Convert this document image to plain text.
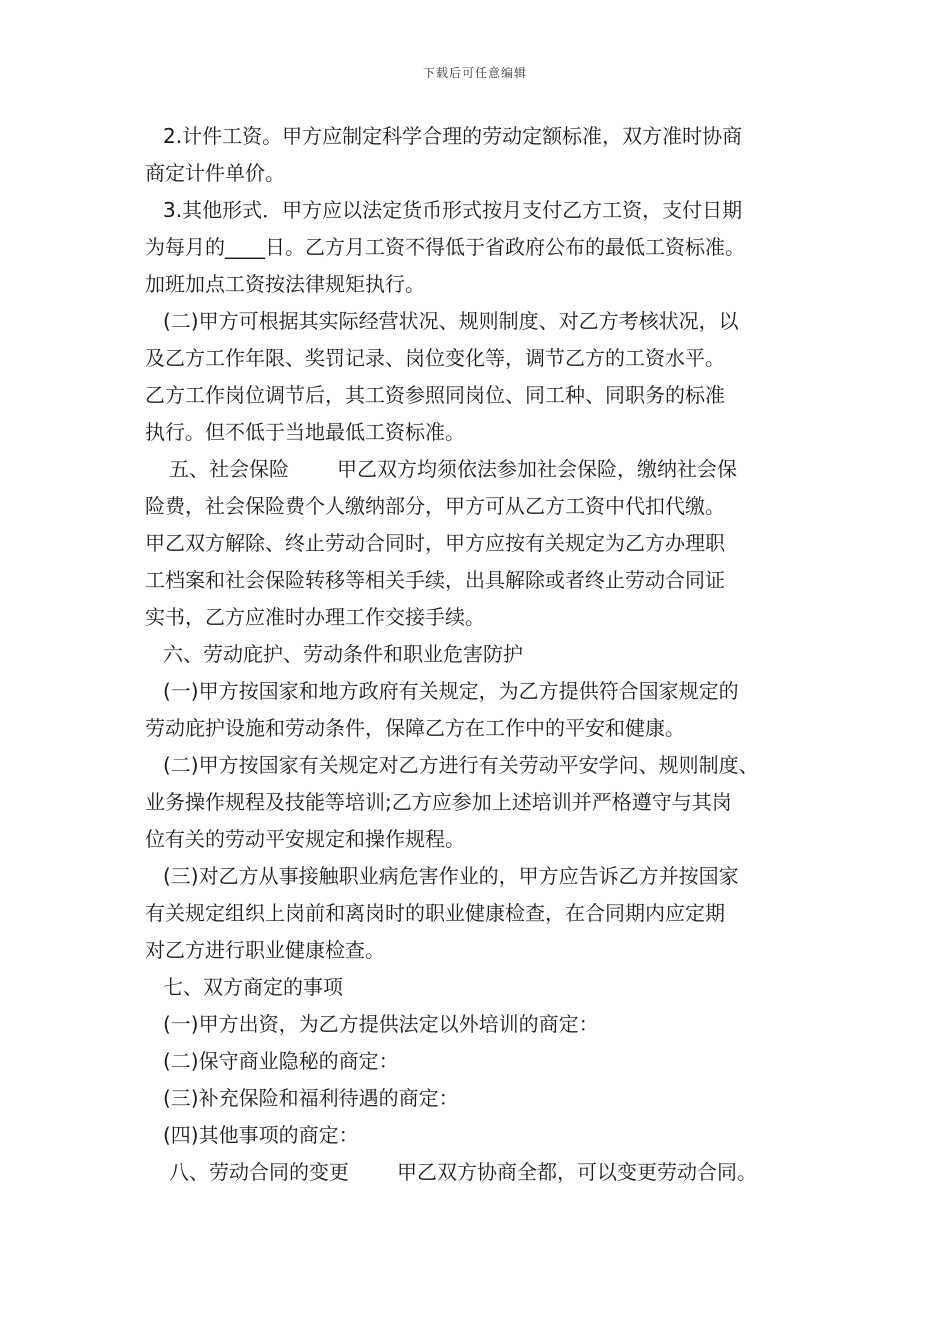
下载后可任意编辑
2.计件工资。甲方应制定科学合理的劳动定额标准，双方准时协商
商定计件单价。
3.其他形式．甲方应以法定货币形式按月支付乙方工资，支付日期
为每月的____日。乙方月工资不得低于省政府公布的最低工资标准。
加班加点工资按法律规矩执行。
(二)甲方可根据其实际经营状况、规则制度、对乙方考核状况，以
及乙方工作年限、奖罚记录、岗位变化等，调节乙方的工资水平。
乙方工作岗位调节后，其工资参照同岗位、同工种、同职务的标准
执行。但不低于当地最低工资标准。
五、社会保险 甲乙双方均须依法参加社会保险，缴纳社会保
险费，社会保险费个人缴纳部分，甲方可从乙方工资中代扣代缴。
甲乙双方解除、终止劳动合同时，甲方应按有关规定为乙方办理职
工档案和社会保险转移等相关手续，出具解除或者终止劳动合同证
实书，乙方应准时办理工作交接手续。
六、劳动庇护、劳动条件和职业危害防护
(一)甲方按国家和地方政府有关规定，为乙方提供符合国家规定的
劳动庇护设施和劳动条件，保障乙方在工作中的平安和健康。
(二)甲方按国家有关规定对乙方进行有关劳动平安学问、规则制度、
业务操作规程及技能等培训;乙方应参加上述培训并严格遵守与其岗
位有关的劳动平安规定和操作规程。
(三)对乙方从事接触职业病危害作业的，甲方应告诉乙方并按国家
有关规定组织上岗前和离岗时的职业健康检查，在合同期内应定期
对乙方进行职业健康检查。
七、双方商定的事项
(一)甲方出资，为乙方提供法定以外培训的商定：
(二)保守商业隐秘的商定：
(三)补充保险和福利待遇的商定：
(四)其他事项的商定：
八、劳动合同的变更 甲乙双方协商全都，可以变更劳动合同。
